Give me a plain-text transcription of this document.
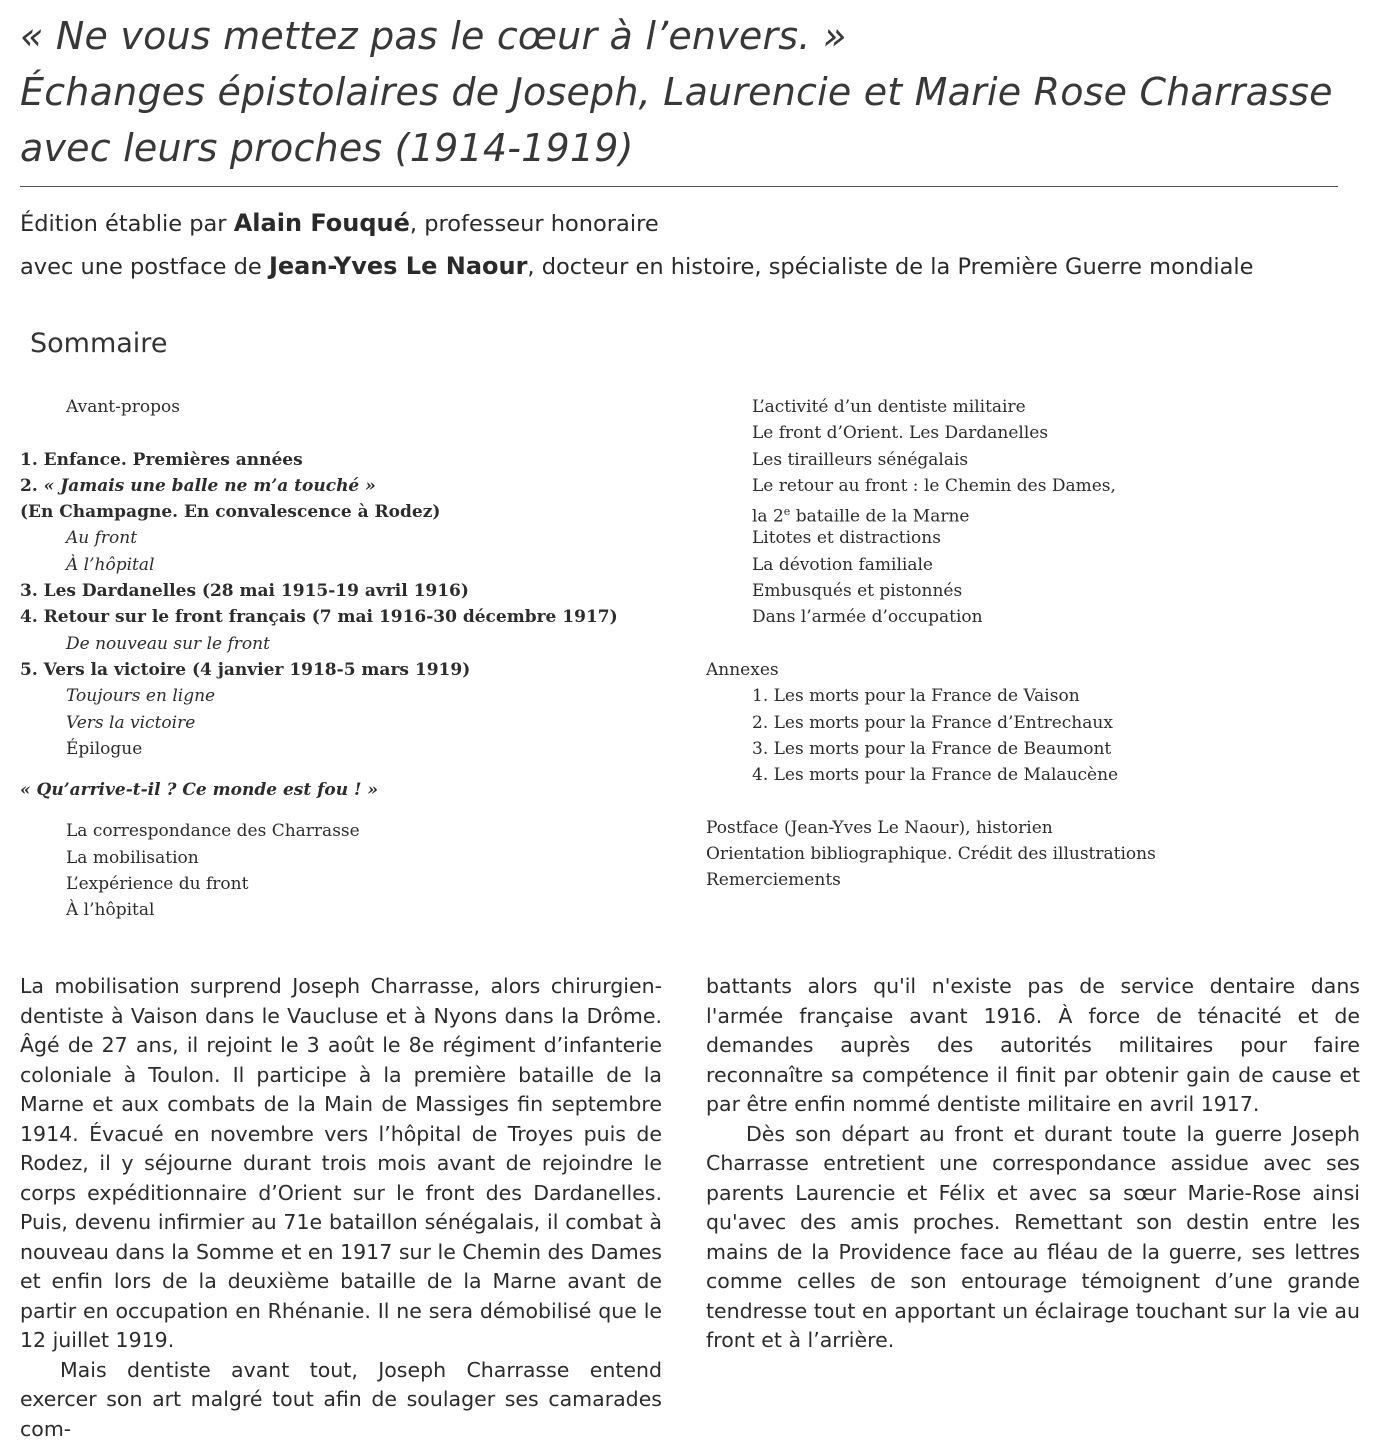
« Ne vous mettez pas le cœur à l’envers. »
Échanges épistolaires de Joseph, Laurencie et Marie Rose Charrasse
avec leurs proches (1914-1919)
Édition établie par Alain Fouqué, professeur honoraire
avec une postface de Jean-Yves Le Naour, docteur en histoire, spécialiste de la Première Guerre mondiale
Sommaire
Avant-propos
1. Enfance. Premières années
2. « Jamais une balle ne m’a touché »
(En Champagne. En convalescence à Rodez)
Au front
À l’hôpital
3. Les Dardanelles (28 mai 1915-19 avril 1916)
4. Retour sur le front français (7 mai 1916-30 décembre 1917)
De nouveau sur le front
5. Vers la victoire (4 janvier 1918-5 mars 1919)
Toujours en ligne
Vers la victoire
Épilogue
« Qu’arrive-t-il ? Ce monde est fou ! »
La correspondance des Charrasse
La mobilisation
L’expérience du front
À l’hôpital
L’activité d’un dentiste militaire
Le front d’Orient. Les Dardanelles
Les tirailleurs sénégalais
Le retour au front : le Chemin des Dames,
la 2e bataille de la Marne
Litotes et distractions
La dévotion familiale
Embusqués et pistonnés
Dans l’armée d’occupation
Annexes
1. Les morts pour la France de Vaison
2. Les morts pour la France d’Entrechaux
3. Les morts pour la France de Beaumont
4. Les morts pour la France de Malaucène
Postface (Jean-Yves Le Naour), historien
Orientation bibliographique. Crédit des illustrations
Remerciements

La mobilisation surprend Joseph Charrasse, alors chirurgien-dentiste à Vaison dans le Vaucluse et à Nyons dans la Drôme. Âgé de 27 ans, il rejoint le 3 août le 8e régiment d’infanterie coloniale à Toulon. Il participe à la première bataille de la Marne et aux combats de la Main de Massiges fin septembre 1914. Évacué en novembre vers l’hôpital de Troyes puis de Rodez, il y séjourne durant trois mois avant de rejoindre le corps expéditionnaire d’Orient sur le front des Dardanelles. Puis, devenu infirmier au 71e bataillon sénégalais, il combat à nouveau dans la Somme et en 1917 sur le Chemin des Dames et enfin lors de la deuxième bataille de la Marne avant de partir en occupation en Rhénanie. Il ne sera démobilisé que le 12 juillet 1919.

Mais dentiste avant tout, Joseph Charrasse entend exercer son art malgré tout afin de soulager ses camarades com-

battants alors qu'il n'existe pas de service dentaire dans l'armée française avant 1916. À force de ténacité et de demandes auprès des autorités militaires pour faire reconnaître sa compétence il finit par obtenir gain de cause et par être enfin nommé dentiste militaire en avril 1917.

Dès son départ au front et durant toute la guerre Joseph Charrasse entretient une correspondance assidue avec ses parents Laurencie et Félix et avec sa sœur Marie-Rose ainsi qu'avec des amis proches. Remettant son destin entre les mains de la Providence face au fléau de la guerre, ses lettres comme celles de son entourage témoignent d’une grande tendresse tout en apportant un éclairage touchant sur la vie au front et à l’arrière.
